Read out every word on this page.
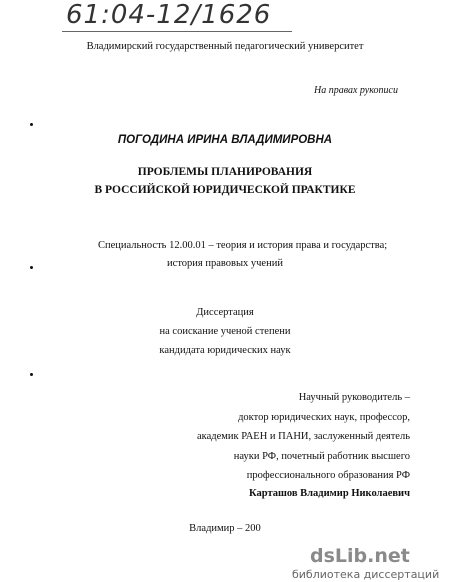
61:04-12/1626
Владимирский государственный педагогический университет
На правах рукописи
ПОГОДИНА ИРИНА ВЛАДИМИРОВНА
ПРОБЛЕМЫ ПЛАНИРОВАНИЯ
В РОССИЙСКОЙ ЮРИДИЧЕСКОЙ ПРАКТИКЕ
Специальность 12.00.01 – теория и история права и государства;
история правовых учений
Диссертация
на соискание ученой степени
кандидата юридических наук
Научный руководитель –
доктор юридических наук, профессор,
академик РАЕН и ПАНИ, заслуженный деятель
науки РФ, почетный работник высшего
профессионального образования РФ
Карташов Владимир Николаевич
Владимир – 200
dsLib.net
библиотека диссертаций
